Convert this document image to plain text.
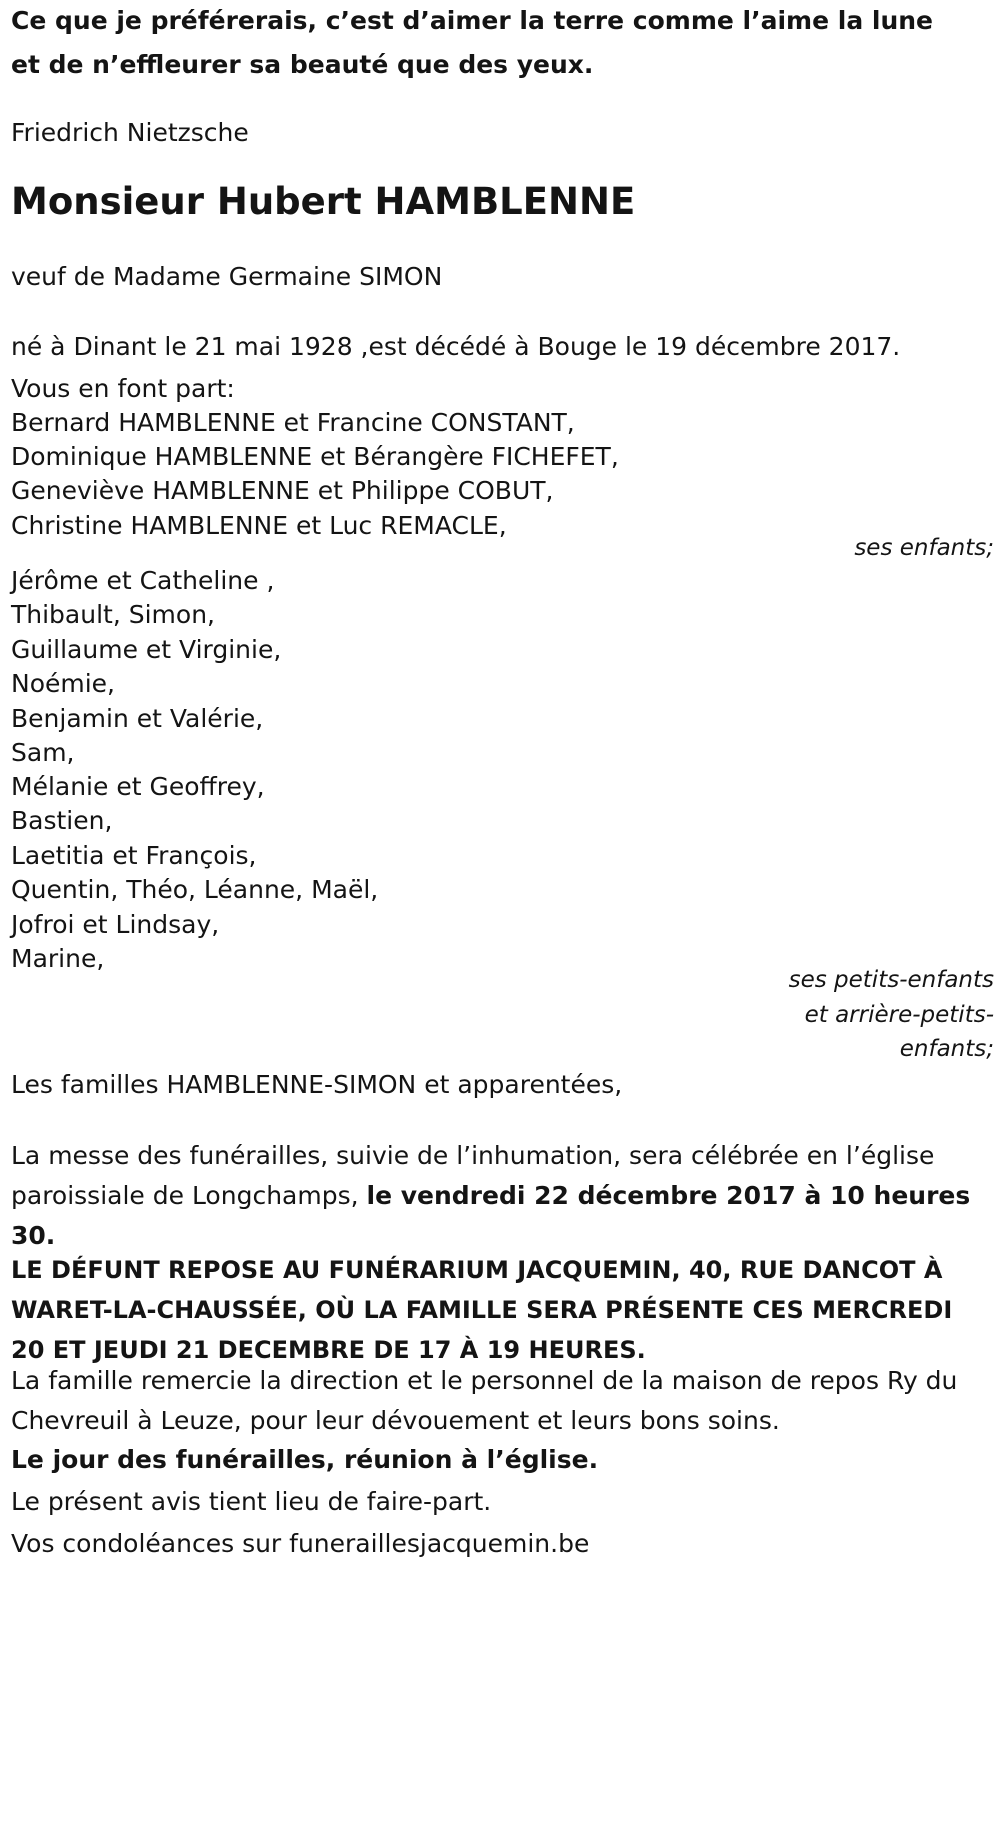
Ce que je préférerais, c’est d’aimer la terre comme l’aime la lune
et de n’effleurer sa beauté que des yeux.
Friedrich Nietzsche
Monsieur Hubert HAMBLENNE
veuf de Madame Germaine SIMON
né à Dinant le 21 mai 1928 ,est décédé à Bouge le 19 décembre 2017.
Vous en font part:
Bernard HAMBLENNE et Francine CONSTANT,
Dominique HAMBLENNE et Bérangère FICHEFET,
Geneviève HAMBLENNE et Philippe COBUT,
Christine HAMBLENNE et Luc REMACLE,
ses enfants;
Jérôme et Catheline ,
Thibault, Simon,
Guillaume et Virginie,
Noémie,
Benjamin et Valérie,
Sam,
Mélanie et Geoffrey,
Bastien,
Laetitia et François,
Quentin, Théo, Léanne, Maël,
Jofroi et Lindsay,
Marine,
ses petits-enfants
et arrière-petits-
enfants;
Les familles HAMBLENNE-SIMON et apparentées,
La messe des funérailles, suivie de l’inhumation, sera célébrée en l’église paroissiale de Longchamps, le vendredi 22 décembre 2017 à 10 heures 30.
LE DÉFUNT REPOSE AU FUNÉRARIUM JACQUEMIN, 40, RUE DANCOT À WARET-LA-CHAUSSÉE, OÙ LA FAMILLE SERA PRÉSENTE CES MERCREDI 20 ET JEUDI 21 DECEMBRE DE 17 À 19 HEURES.
La famille remercie la direction et le personnel de la maison de repos Ry du Chevreuil à Leuze, pour leur dévouement et leurs bons soins.
Le jour des funérailles, réunion à l’église.
Le présent avis tient lieu de faire-part.
Vos condoléances sur funeraillesjacquemin.be
